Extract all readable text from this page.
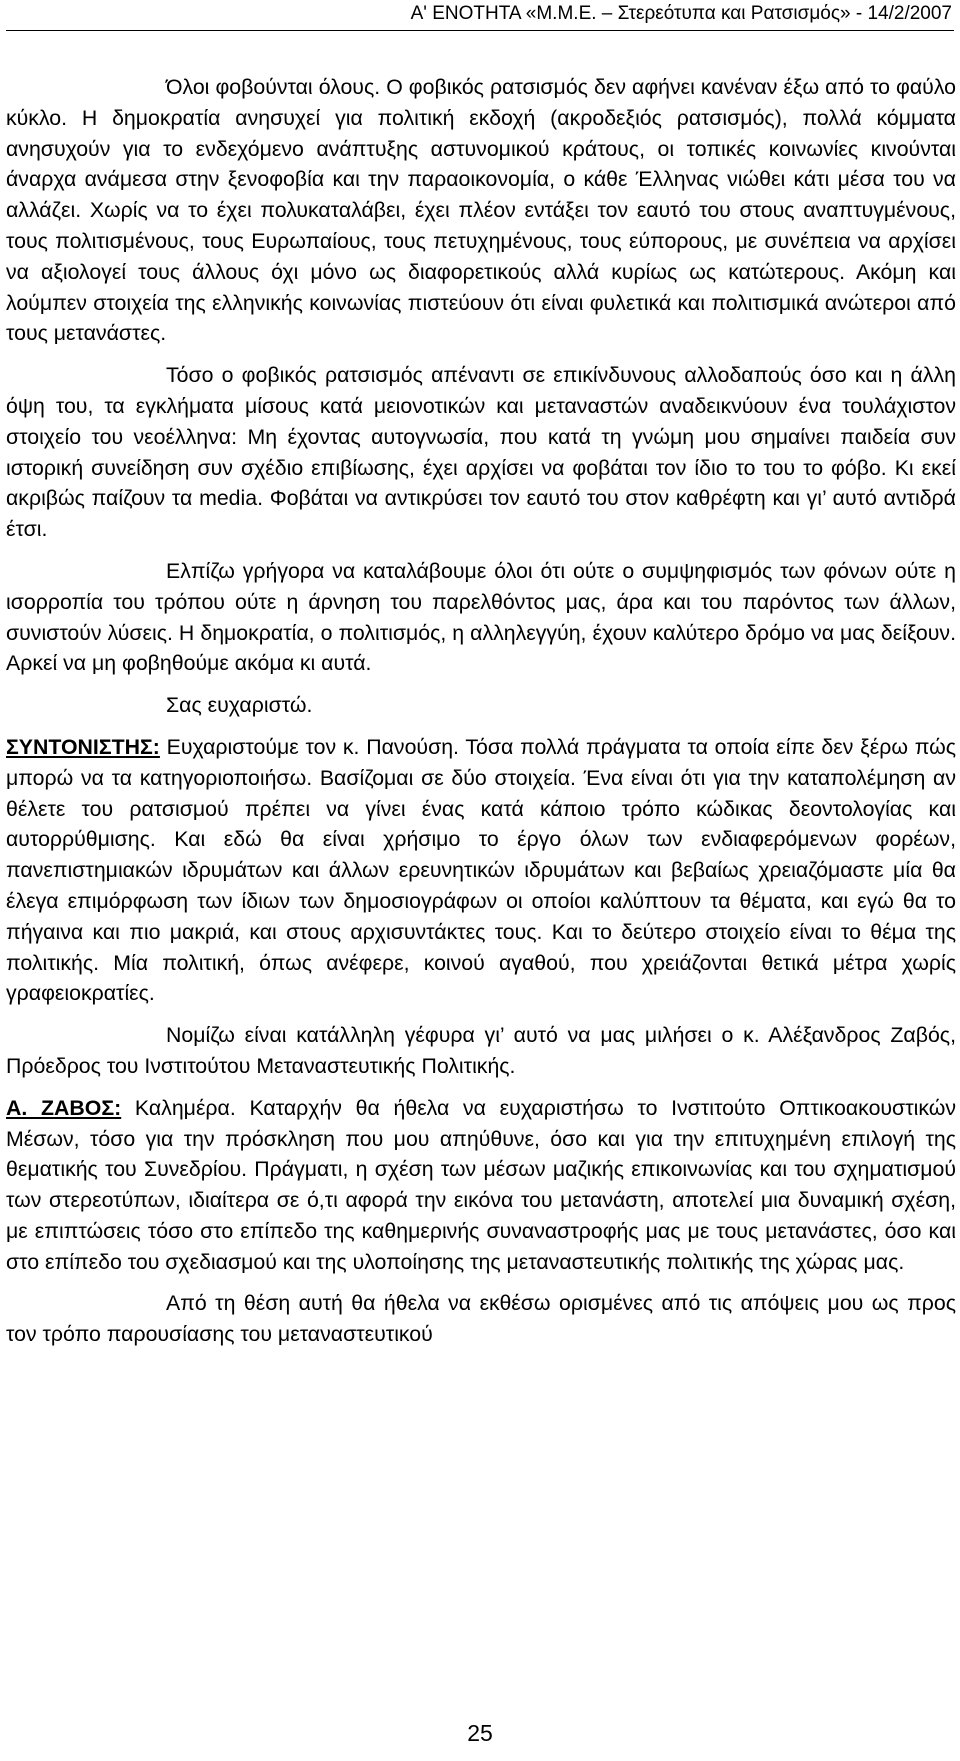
Α' ΕΝΟΤΗΤΑ «Μ.Μ.Ε. – Στερεότυπα και Ρατσισμός» - 14/2/2007

Όλοι φοβούνται όλους. Ο φοβικός ρατσισμός δεν αφήνει κανέναν έξω από το φαύλο κύκλο. Η δημοκρατία ανησυχεί για πολιτική εκδοχή (ακροδεξιός ρατσισμός), πολλά κόμματα ανησυχούν για το ενδεχόμενο ανάπτυξης αστυνομικού κράτους, οι τοπικές κοινωνίες κινούνται άναρχα ανάμεσα στην ξενοφοβία και την παραοικονομία, ο κάθε Έλληνας νιώθει κάτι μέσα του να αλλάζει. Χωρίς να το έχει πολυκαταλάβει, έχει πλέον εντάξει τον εαυτό του στους αναπτυγμένους, τους πολιτισμένους, τους Ευρωπαίους, τους πετυχημένους, τους εύπορους, με συνέπεια να αρχίσει να αξιολογεί τους άλλους όχι μόνο ως διαφορετικούς αλλά κυρίως ως κατώτερους. Ακόμη και λούμπεν στοιχεία της ελληνικής κοινωνίας πιστεύουν ότι είναι φυλετικά και πολιτισμικά ανώτεροι από τους μετανάστες.

Τόσο ο φοβικός ρατσισμός απέναντι σε επικίνδυνους αλλοδαπούς όσο και η άλλη όψη του, τα εγκλήματα μίσους κατά μειονοτικών και μεταναστών αναδεικνύουν ένα τουλάχιστον στοιχείο του νεοέλληνα: Μη έχοντας αυτογνωσία, που κατά τη γνώμη μου σημαίνει παιδεία συν ιστορική συνείδηση συν σχέδιο επιβίωσης, έχει αρχίσει να φοβάται τον ίδιο το του το φόβο. Κι εκεί ακριβώς παίζουν τα media. Φοβάται να αντικρύσει τον εαυτό του στον καθρέφτη και γι’ αυτό αντιδρά έτσι.

Ελπίζω γρήγορα να καταλάβουμε όλοι ότι ούτε ο συμψηφισμός των φόνων ούτε η ισορροπία του τρόπου ούτε η άρνηση του παρελθόντος μας, άρα και του παρόντος των άλλων, συνιστούν λύσεις. Η δημοκρατία, ο πολιτισμός, η αλληλεγγύη, έχουν καλύτερο δρόμο να μας δείξουν. Αρκεί να μη φοβηθούμε ακόμα κι αυτά.

Σας ευχαριστώ.

ΣΥΝΤΟΝΙΣΤΗΣ: Ευχαριστούμε τον κ. Πανούση. Τόσα πολλά πράγματα τα οποία είπε δεν ξέρω πώς μπορώ να τα κατηγοριοποιήσω. Βασίζομαι σε δύο στοιχεία. Ένα είναι ότι για την καταπολέμηση αν θέλετε του ρατσισμού πρέπει να γίνει ένας κατά κάποιο τρόπο κώδικας δεοντολογίας και αυτορρύθμισης. Και εδώ θα είναι χρήσιμο το έργο όλων των ενδιαφερόμενων φορέων, πανεπιστημιακών ιδρυμάτων και άλλων ερευνητικών ιδρυμάτων και βεβαίως χρειαζόμαστε μία θα έλεγα επιμόρφωση των ίδιων των δημοσιογράφων οι οποίοι καλύπτουν τα θέματα, και εγώ θα το πήγαινα και πιο μακριά, και στους αρχισυντάκτες τους. Και το δεύτερο στοιχείο είναι το θέμα της πολιτικής. Μία πολιτική, όπως ανέφερε, κοινού αγαθού, που χρειάζονται θετικά μέτρα χωρίς γραφειοκρατίες.

Νομίζω είναι κατάλληλη γέφυρα γι’ αυτό να μας μιλήσει ο κ. Αλέξανδρος Ζαβός, Πρόεδρος του Ινστιτούτου Μεταναστευτικής Πολιτικής.

Α. ΖΑΒΟΣ: Καλημέρα. Καταρχήν θα ήθελα να ευχαριστήσω το Ινστιτούτο Οπτικοακουστικών Μέσων, τόσο για την πρόσκληση που μου απηύθυνε, όσο και για την επιτυχημένη επιλογή της θεματικής του Συνεδρίου. Πράγματι, η σχέση των μέσων μαζικής επικοινωνίας και του σχηματισμού των στερεοτύπων, ιδιαίτερα σε ό,τι αφορά την εικόνα του μετανάστη, αποτελεί μια δυναμική σχέση, με επιπτώσεις τόσο στο επίπεδο της καθημερινής συναναστροφής μας με τους μετανάστες, όσο και στο επίπεδο του σχεδιασμού και της υλοποίησης της μεταναστευτικής πολιτικής της χώρας μας.

Από τη θέση αυτή θα ήθελα να εκθέσω ορισμένες από τις απόψεις μου ως προς τον τρόπο παρουσίασης του μεταναστευτικού

25
